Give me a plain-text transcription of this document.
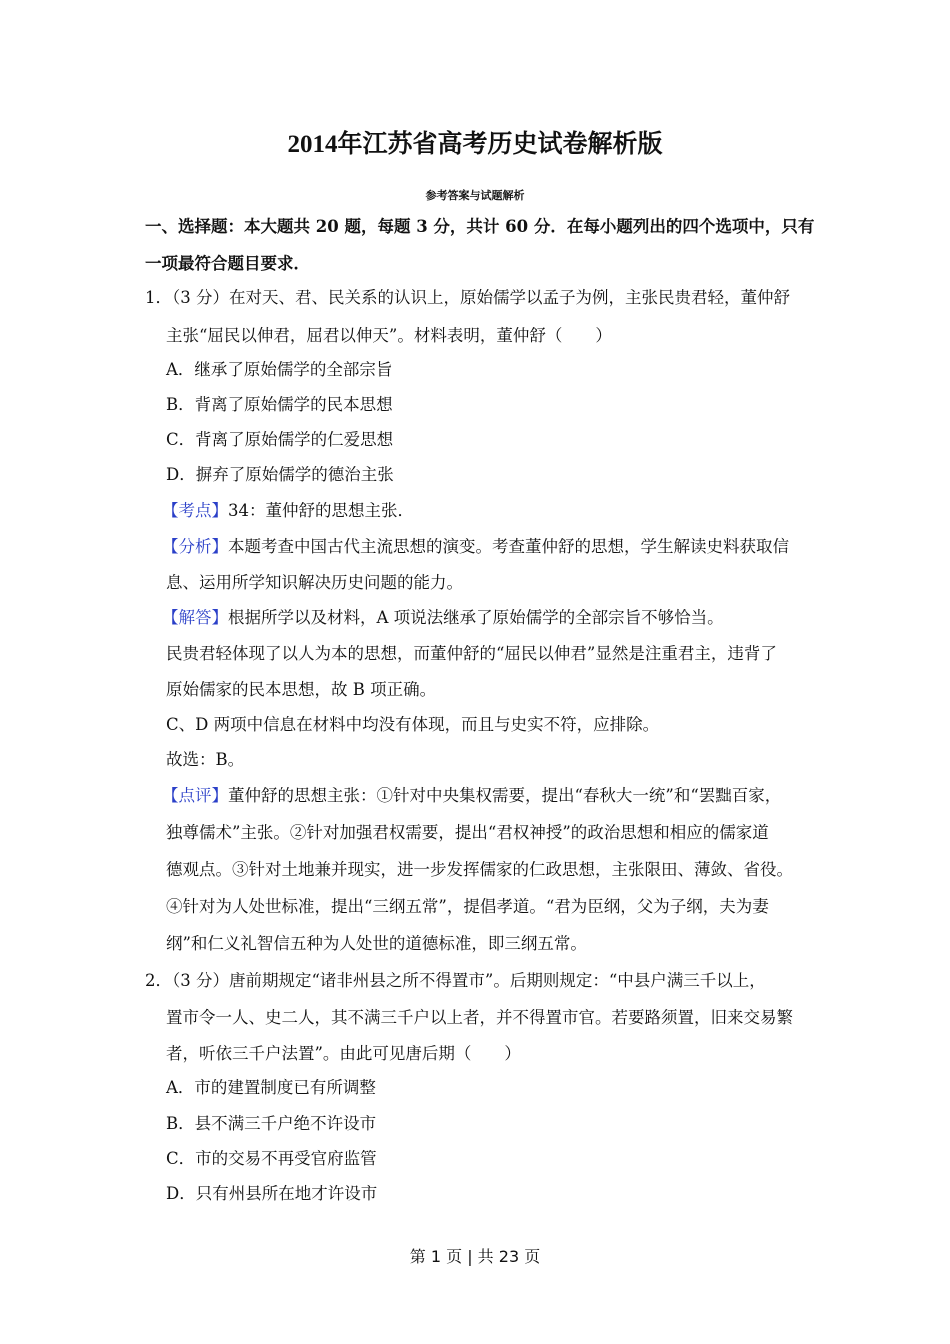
2014年江苏省高考历史试卷解析版
参考答案与试题解析
一、选择题：本大题共 20 题，每题 3 分，共计 60 分．在每小题列出的四个选项中，只有
一项最符合题目要求．
1．（3 分）在对天、君、民关系的认识上，原始儒学以孟子为例，主张民贵君轻，董仲舒
主张“屈民以伸君，屈君以伸天”。材料表明，董仲舒（　　）
A．继承了原始儒学的全部宗旨
B．背离了原始儒学的民本思想
C．背离了原始儒学的仁爱思想
D．摒弃了原始儒学的德治主张
【考点】34：董仲舒的思想主张．
【分析】本题考查中国古代主流思想的演变。考查董仲舒的思想，学生解读史料获取信
息、运用所学知识解决历史问题的能力。
【解答】根据所学以及材料，A 项说法继承了原始儒学的全部宗旨不够恰当。
民贵君轻体现了以人为本的思想，而董仲舒的“屈民以伸君”显然是注重君主，违背了
原始儒家的民本思想，故 B 项正确。
C、D 两项中信息在材料中均没有体现，而且与史实不符，应排除。
故选：B。
【点评】董仲舒的思想主张：①针对中央集权需要，提出“春秋大一统”和“罢黜百家，
独尊儒术”主张。②针对加强君权需要，提出“君权神授”的政治思想和相应的儒家道
德观点。③针对土地兼并现实，进一步发挥儒家的仁政思想，主张限田、薄敛、省役。
④针对为人处世标准，提出“三纲五常”，提倡孝道。“君为臣纲，父为子纲，夫为妻
纲”和仁义礼智信五种为人处世的道德标准，即三纲五常。
2．（3 分）唐前期规定“诸非州县之所不得置市”。后期则规定：“中县户满三千以上，
置市令一人、史二人，其不满三千户以上者，并不得置市官。若要路须置，旧来交易繁
者，听依三千户法置”。由此可见唐后期（　　）
A．市的建置制度已有所调整
B．县不满三千户绝不许设市
C．市的交易不再受官府监管
D．只有州县所在地才许设市
第 1 页 | 共 23 页
